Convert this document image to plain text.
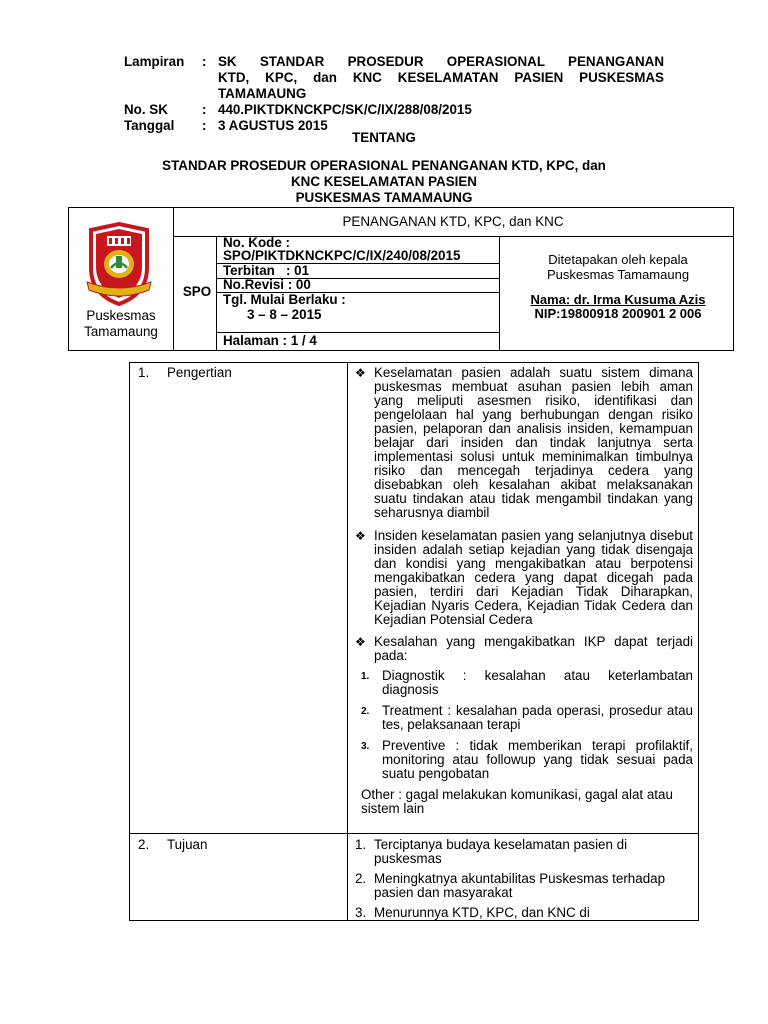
Lampiran	: SK STANDAR PROSEDUR OPERASIONAL PENANGANAN
KTD, KPC, dan KNC KESELAMATAN PASIEN PUSKESMAS
TAMAMAUNG
No. SK	: 440.PIKTDKNCKPC/SK/C/IX/288/08/2015
Tanggal	: 3 AGUSTUS 2015
TENTANG
STANDAR PROSEDUR OPERASIONAL PENANGANAN KTD, KPC, dan
KNC KESELAMATAN PASIEN
PUSKESMAS TAMAMAUNG
Puskesmas
Tamamaung
SPO
PENANGANAN KTD, KPC, dan KNC
No. Kode :
SPO/PIKTDKNCKPC/C/IX/240/08/2015
Terbitan   : 01
No.Revisi : 00
Tgl. Mulai Berlaku :
3 – 8 – 2015
Halaman : 1 / 4
Ditetapakan oleh kepala
Puskesmas Tamamaung
Nama: dr. Irma Kusuma Azis
NIP:19800918 200901 2 006
1. Pengertian	❖ Keselamatan pasien adalah suatu sistem dimana puskesmas membuat asuhan pasien lebih aman yang meliputi asesmen risiko, identifikasi dan pengelolaan hal yang berhubungan dengan risiko pasien, pelaporan dan analisis insiden, kemampuan belajar dari insiden dan tindak lanjutnya serta implementasi solusi untuk meminimalkan timbulnya risiko dan mencegah terjadinya cedera yang disebabkan oleh kesalahan akibat melaksanakan suatu tindakan atau tidak mengambil tindakan yang seharusnya diambil
❖ Insiden keselamatan pasien yang selanjutnya disebut insiden adalah setiap kejadian yang tidak disengaja dan kondisi yang mengakibatkan atau berpotensi mengakibatkan cedera yang dapat dicegah pada pasien, terdiri dari Kejadian Tidak Diharapkan, Kejadian Nyaris Cedera, Kejadian Tidak Cedera dan Kejadian Potensial Cedera
❖ Kesalahan yang mengakibatkan IKP dapat terjadi pada:
1. Diagnostik : kesalahan atau keterlambatan diagnosis
2. Treatment : kesalahan pada operasi, prosedur atau tes, pelaksanaan terapi
3. Preventive : tidak memberikan terapi profilaktif, monitoring atau followup yang tidak sesuai pada suatu pengobatan
Other : gagal melakukan komunikasi, gagal alat atau sistem lain
2. Tujuan	1. Terciptanya budaya keselamatan pasien di puskesmas
2. Meningkatnya akuntabilitas Puskesmas terhadap pasien dan masyarakat
3. Menurunnya KTD, KPC, dan KNC di
